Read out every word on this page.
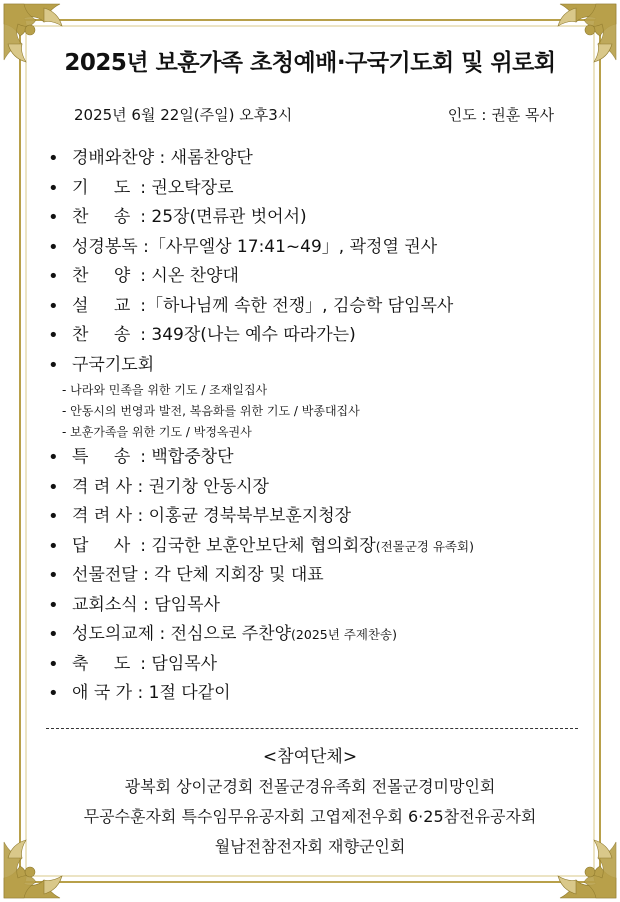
2025년 보훈가족 초청예배·구국기도회 및 위로회
2025년 6월 22일(주일) 오후3시	인도 : 권훈 목사
• 경배와찬양 : 새롬찬양단
• 기 도: 권오탁장로
• 찬 송: 25장(면류관 벗어서)
• 성경봉독 :「사무엘상 17:41~49」, 곽정열 권사
• 찬 양: 시온 찬양대
• 설 교:「하나님께 속한 전쟁」, 김승학 담임목사
• 찬 송: 349장(나는 예수 따라가는)
• 구국기도회
- 나라와 민족을 위한 기도 / 조재일집사
- 안동시의 번영과 발전, 복음화를 위한 기도 / 박종대집사
- 보훈가족을 위한 기도 / 박정옥권사
• 특 송: 백합중창단
• 격 려 사 : 권기창 안동시장
• 격 려 사 : 이홍균 경북북부보훈지청장
• 답 사: 김국한 보훈안보단체 협의회장(전몰군경 유족회)
• 선물전달 : 각 단체 지회장 및 대표
• 교회소식 : 담임목사
• 성도의교제 : 전심으로 주찬양(2025년 주제찬송)
• 축 도: 담임목사
• 애 국 가 : 1절 다같이
<참여단체>
광복회 상이군경회 전몰군경유족회 전몰군경미망인회
무공수훈자회 특수임무유공자회 고엽제전우회 6·25참전유공자회
월남전참전자회 재향군인회
